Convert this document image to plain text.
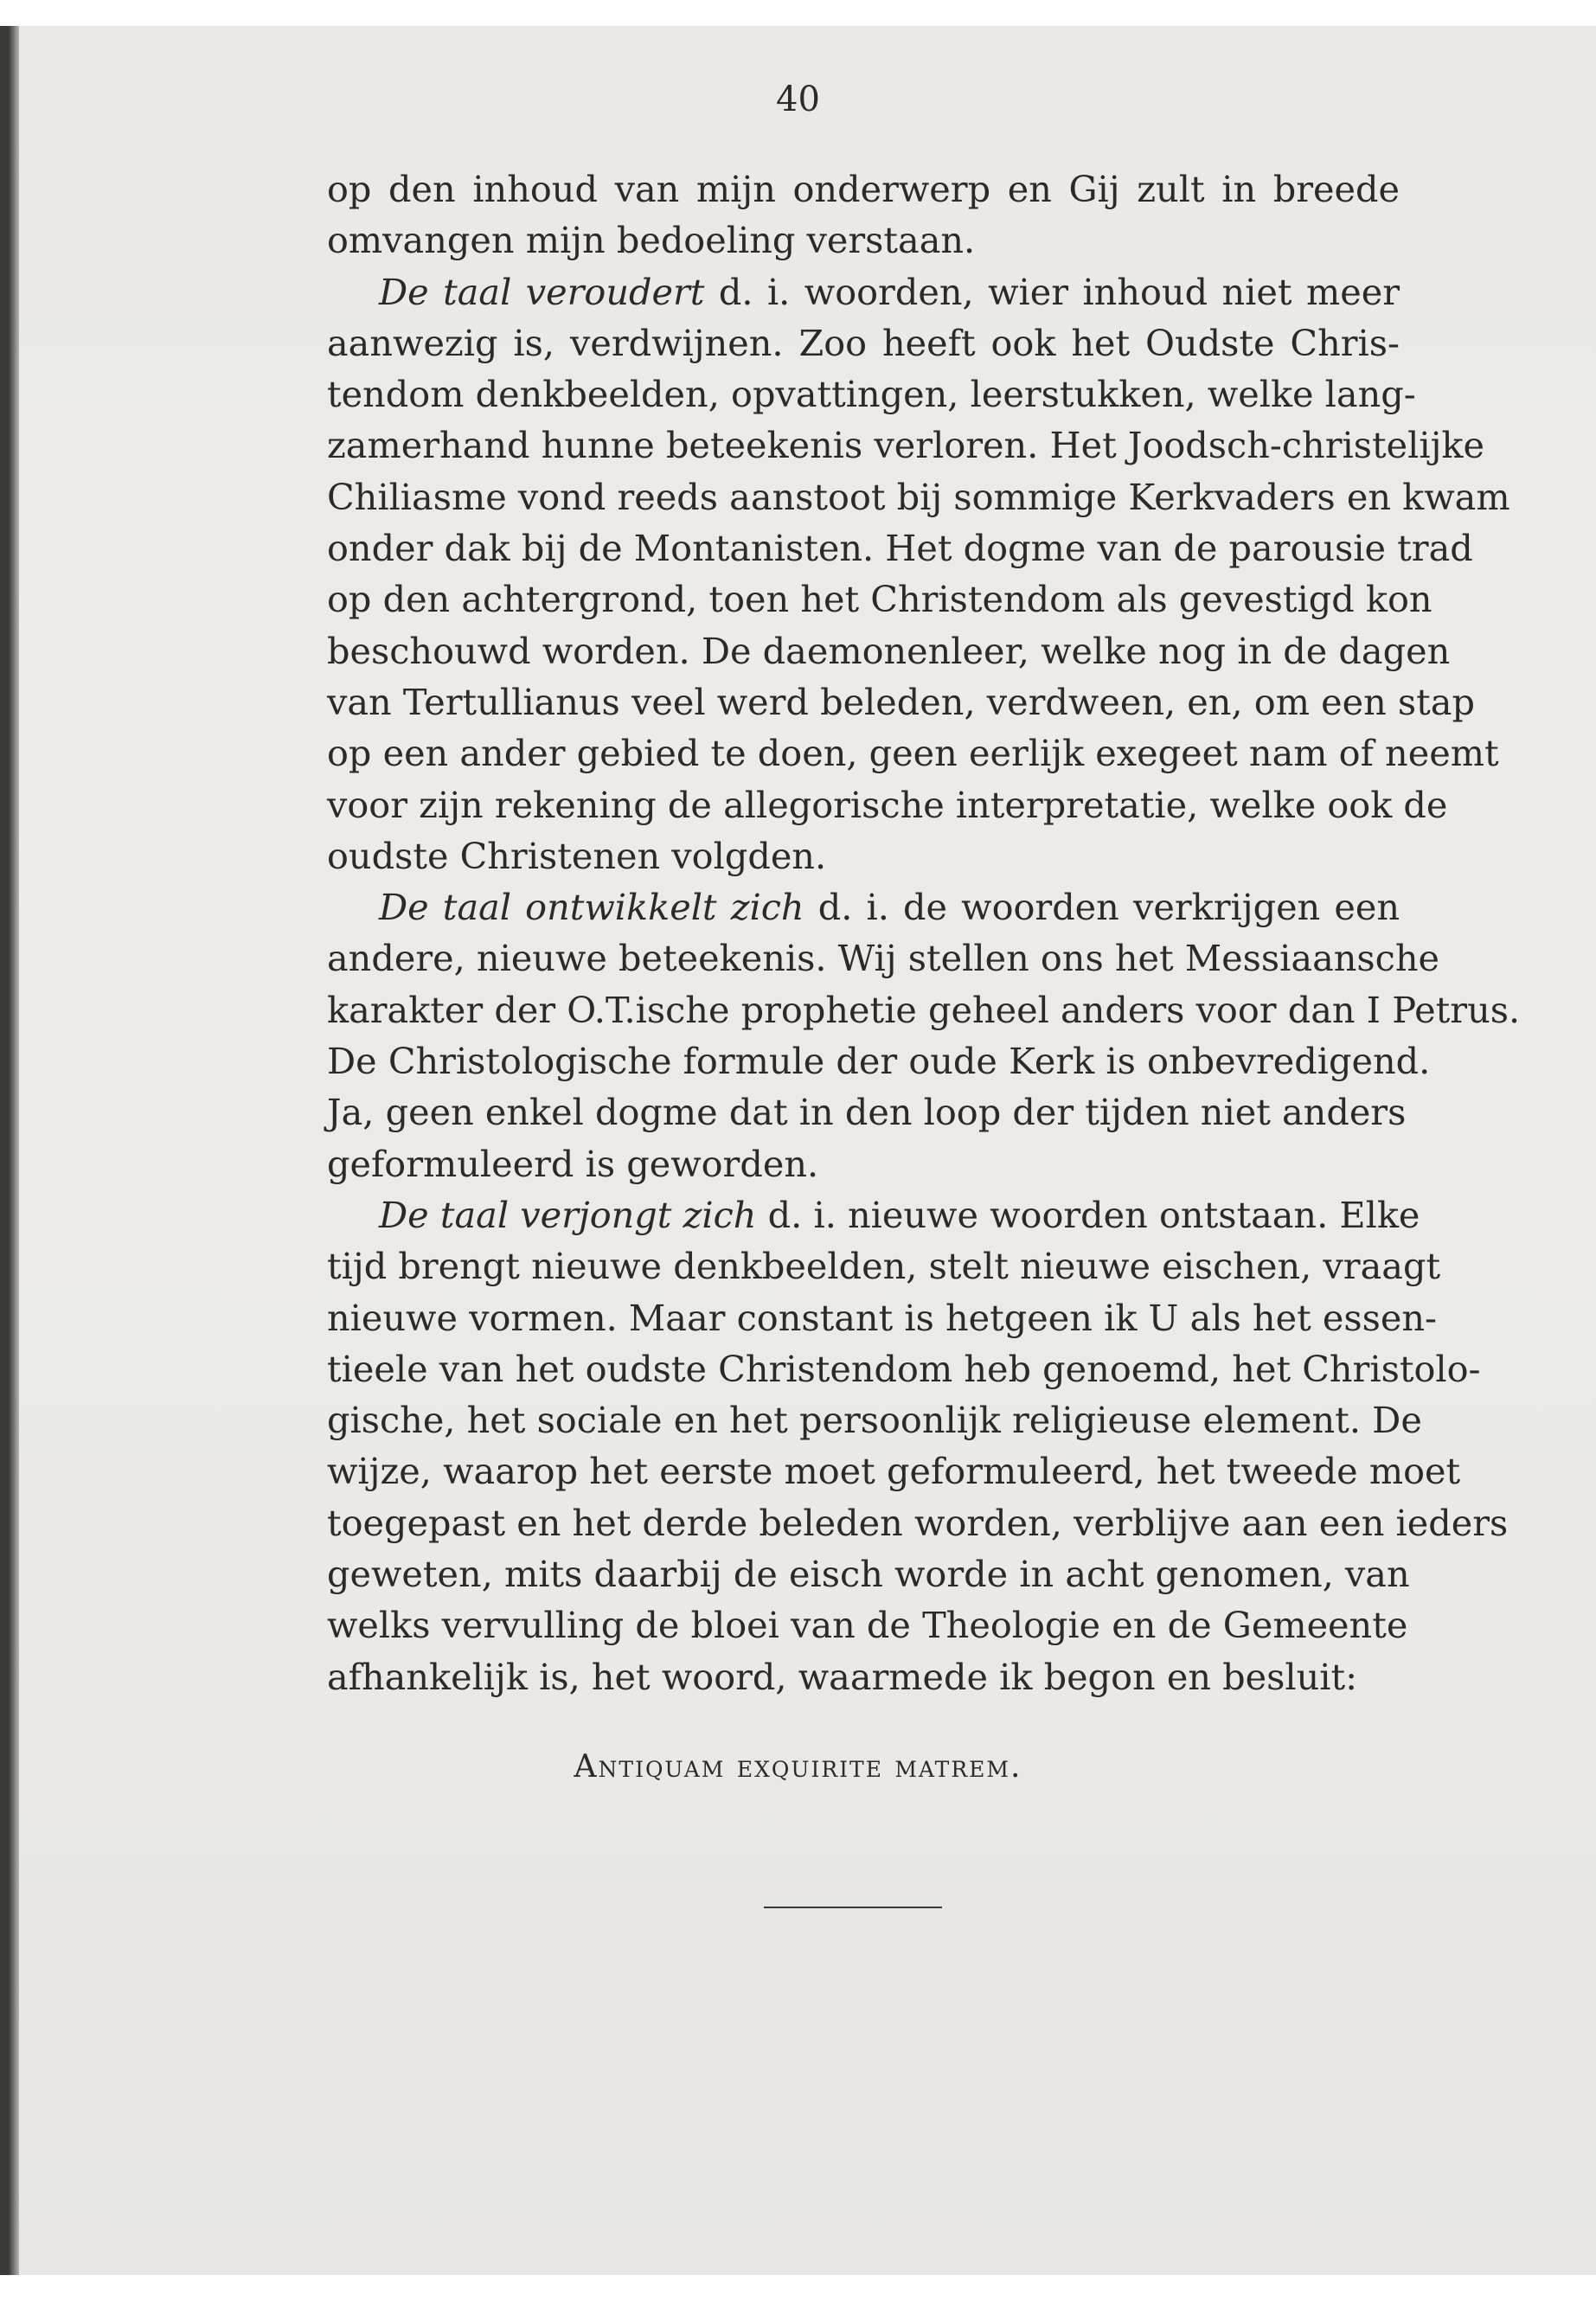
40
op den inhoud van mijn onderwerp en Gij zult in breede
omvangen mijn bedoeling verstaan.
De taal veroudert d. i. woorden, wier inhoud niet meer
aanwezig is, verdwijnen. Zoo heeft ook het Oudste Chris-
tendom denkbeelden, opvattingen, leerstukken, welke lang-
zamerhand hunne beteekenis verloren. Het Joodsch-christelijke
Chiliasme vond reeds aanstoot bij sommige Kerkvaders en kwam
onder dak bij de Montanisten. Het dogme van de parousie trad
op den achtergrond, toen het Christendom als gevestigd kon
beschouwd worden. De daemonenleer, welke nog in de dagen
van Tertullianus veel werd beleden, verdween, en, om een stap
op een ander gebied te doen, geen eerlijk exegeet nam of neemt
voor zijn rekening de allegorische interpretatie, welke ook de
oudste Christenen volgden.
De taal ontwikkelt zich d. i. de woorden verkrijgen een
andere, nieuwe beteekenis. Wij stellen ons het Messiaansche
karakter der O.T.ische prophetie geheel anders voor dan I Petrus.
De Christologische formule der oude Kerk is onbevredigend.
Ja, geen enkel dogme dat in den loop der tijden niet anders
geformuleerd is geworden.
De taal verjongt zich d. i. nieuwe woorden ontstaan. Elke
tijd brengt nieuwe denkbeelden, stelt nieuwe eischen, vraagt
nieuwe vormen. Maar constant is hetgeen ik U als het essen-
tieele van het oudste Christendom heb genoemd, het Christolo-
gische, het sociale en het persoonlijk religieuse element. De
wijze, waarop het eerste moet geformuleerd, het tweede moet
toegepast en het derde beleden worden, verblijve aan een ieders
geweten, mits daarbij de eisch worde in acht genomen, van
welks vervulling de bloei van de Theologie en de Gemeente
afhankelijk is, het woord, waarmede ik begon en besluit:
Antiquam exquirite matrem.
